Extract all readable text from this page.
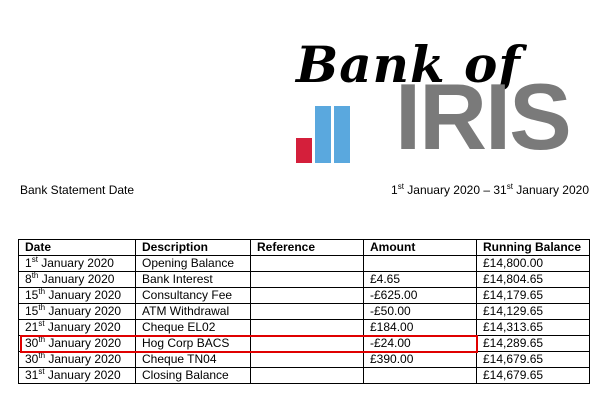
Bank of
IRIS
Bank Statement Date	1st January 2020 – 31st January 2020
Date	Description	Reference	Amount	Running Balance
1st January 2020	Opening Balance			£14,800.00
8th January 2020	Bank Interest		£4.65	£14,804.65
15th January 2020	Consultancy Fee		-£625.00	£14,179.65
15th January 2020	ATM Withdrawal		-£50.00	£14,129.65
21st January 2020	Cheque EL02		£184.00	£14,313.65
30th January 2020	Hog Corp BACS		-£24.00	£14,289.65
30th January 2020	Cheque TN04		£390.00	£14,679.65
31st January 2020	Closing Balance			£14,679.65
